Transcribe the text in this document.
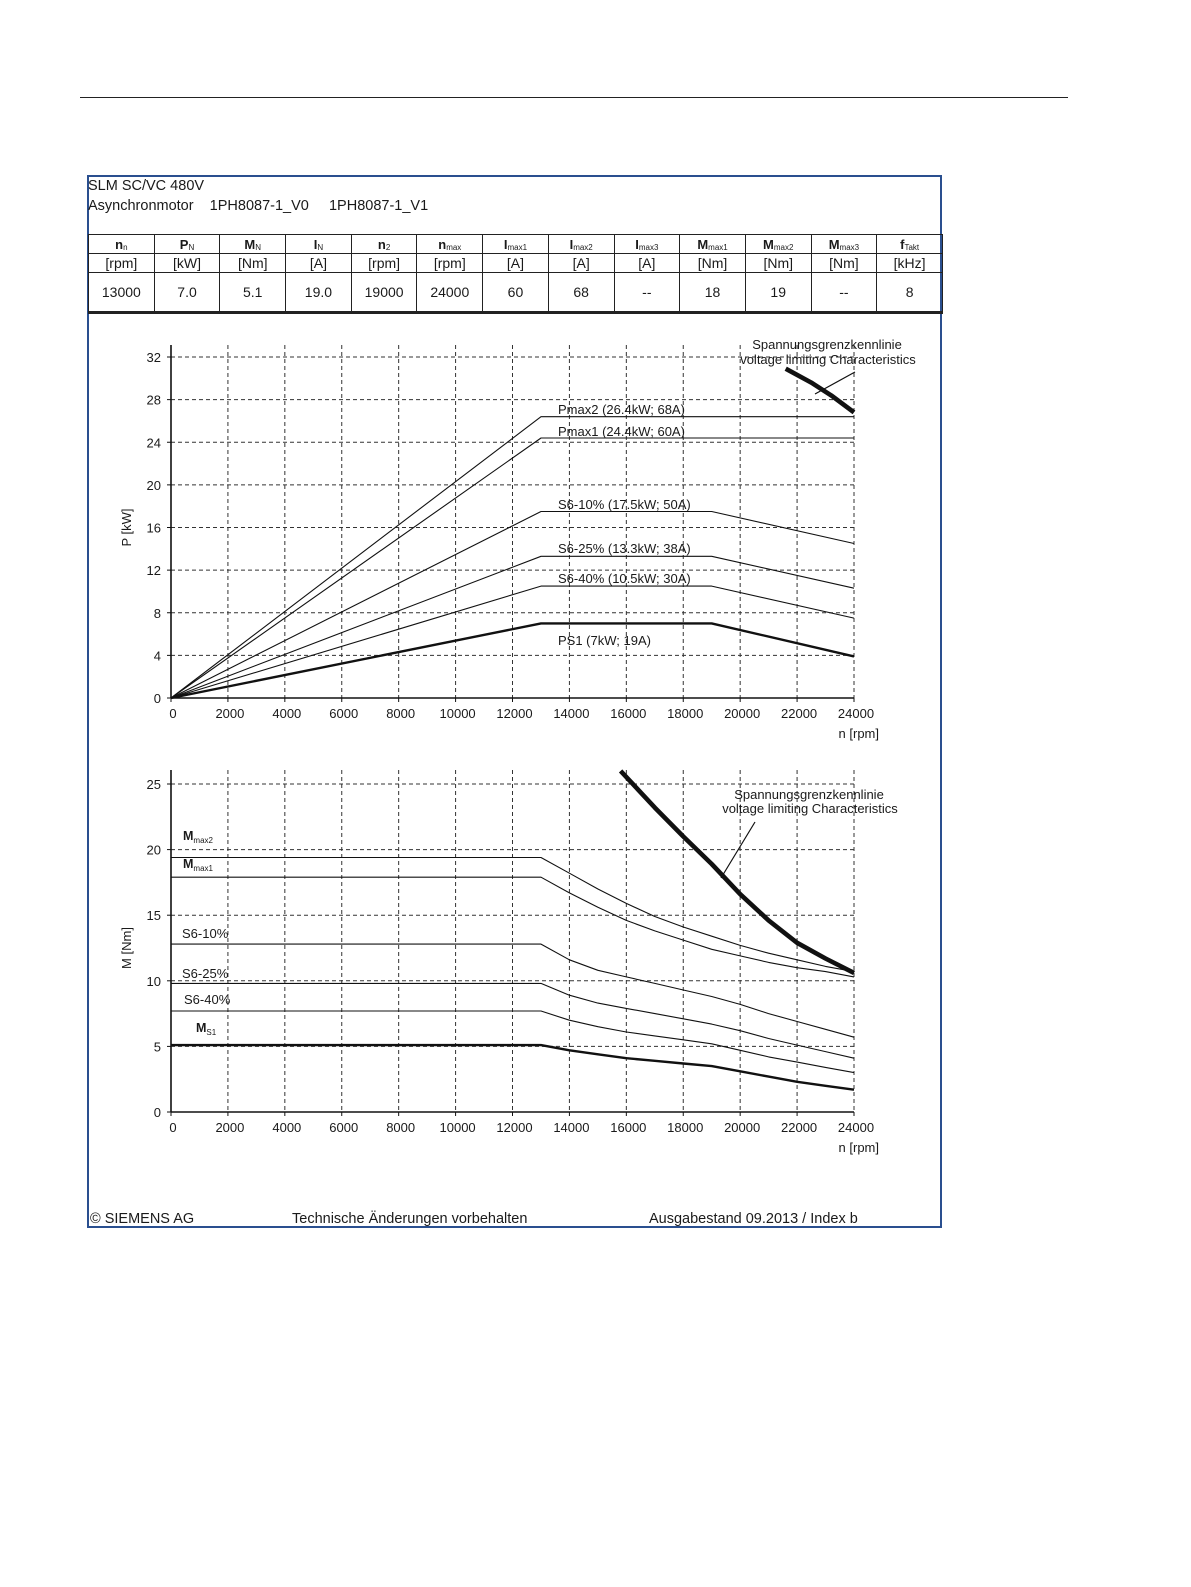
SLM SC/VC 480V
Asynchronmotor    1PH8087-1_V0     1PH8087-1_V1
$n_n$	$P_N$	$M_N$	$I_N$	$n_2$	$n_{max}$	$I_{max1}$	$I_{max2}$	$I_{max3}$	$M_{max1}$	$M_{max2}$	$M_{max3}$	$f_{Takt}$
[rpm]	[kW]	[Nm]	[A]	[rpm]	[rpm]	[A]	[A]	[A]	[Nm]	[Nm]	[Nm]	[kHz]
13000	7.0	5.1	19.0	19000	24000	60	68	--	18	19	--	8
0	2000 4000 6000 8000 10000 12000 14000 16000 18000 20000 22000 24000
0
4
8
12
16
20
24
28
32
n [rpm]
P [kW]
Spannungsgrenzkennlinie
voltage limiting Characteristics
Pmax2 (26.4kW; 68A)
Pmax1 (24.4kW; 60A)
S6-10% (17.5kW; 50A)
S6-25% (13.3kW; 38A)
S6-40% (10.5kW; 30A)
PS1 (7kW; 19A)
0	2000 4000 6000 8000 10000 12000 14000 16000 18000 20000 22000 24000
0
5
10
15
20
25
n [rpm]
M [Nm]
Spannungsgrenzkennlinie
voltage limiting Characteristics
$M_{max2}$
$M_{max1}$
S6-10%
S6-25%
S6-40%
$M_{S1}$
© SIEMENS AG	Technische Änderungen vorbehalten	Ausgabestand 09.2013 / Index b
